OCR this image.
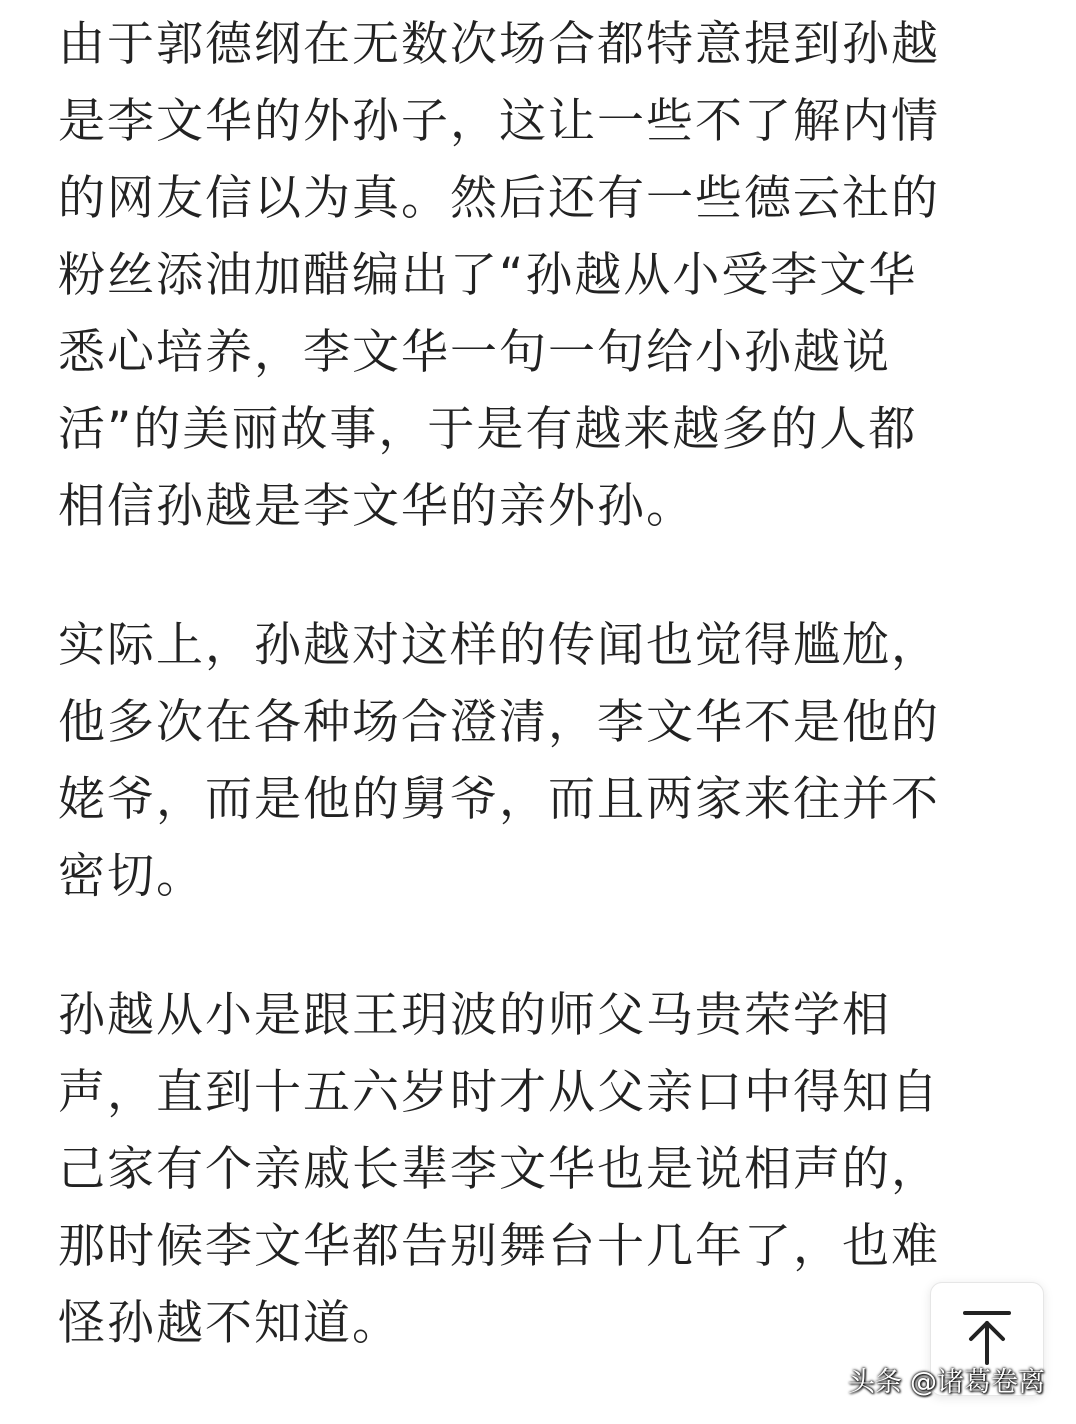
由于郭德纲在无数次场合都特意提到孙越
是李文华的外孙子，这让一些不了解内情
的网友信以为真。然后还有一些德云社的
粉丝添油加醋编出了“孙越从小受李文华
悉心培养，李文华一句一句给小孙越说
活”的美丽故事，于是有越来越多的人都
相信孙越是李文华的亲外孙。

实际上，孙越对这样的传闻也觉得尴尬，
他多次在各种场合澄清，李文华不是他的
姥爷，而是他的舅爷，而且两家来往并不
密切。

孙越从小是跟王玥波的师父马贵荣学相
声，直到十五六岁时才从父亲口中得知自
己家有个亲戚长辈李文华也是说相声的，
那时候李文华都告别舞台十几年了，也难
怪孙越不知道。

头条 @诸葛卷离
